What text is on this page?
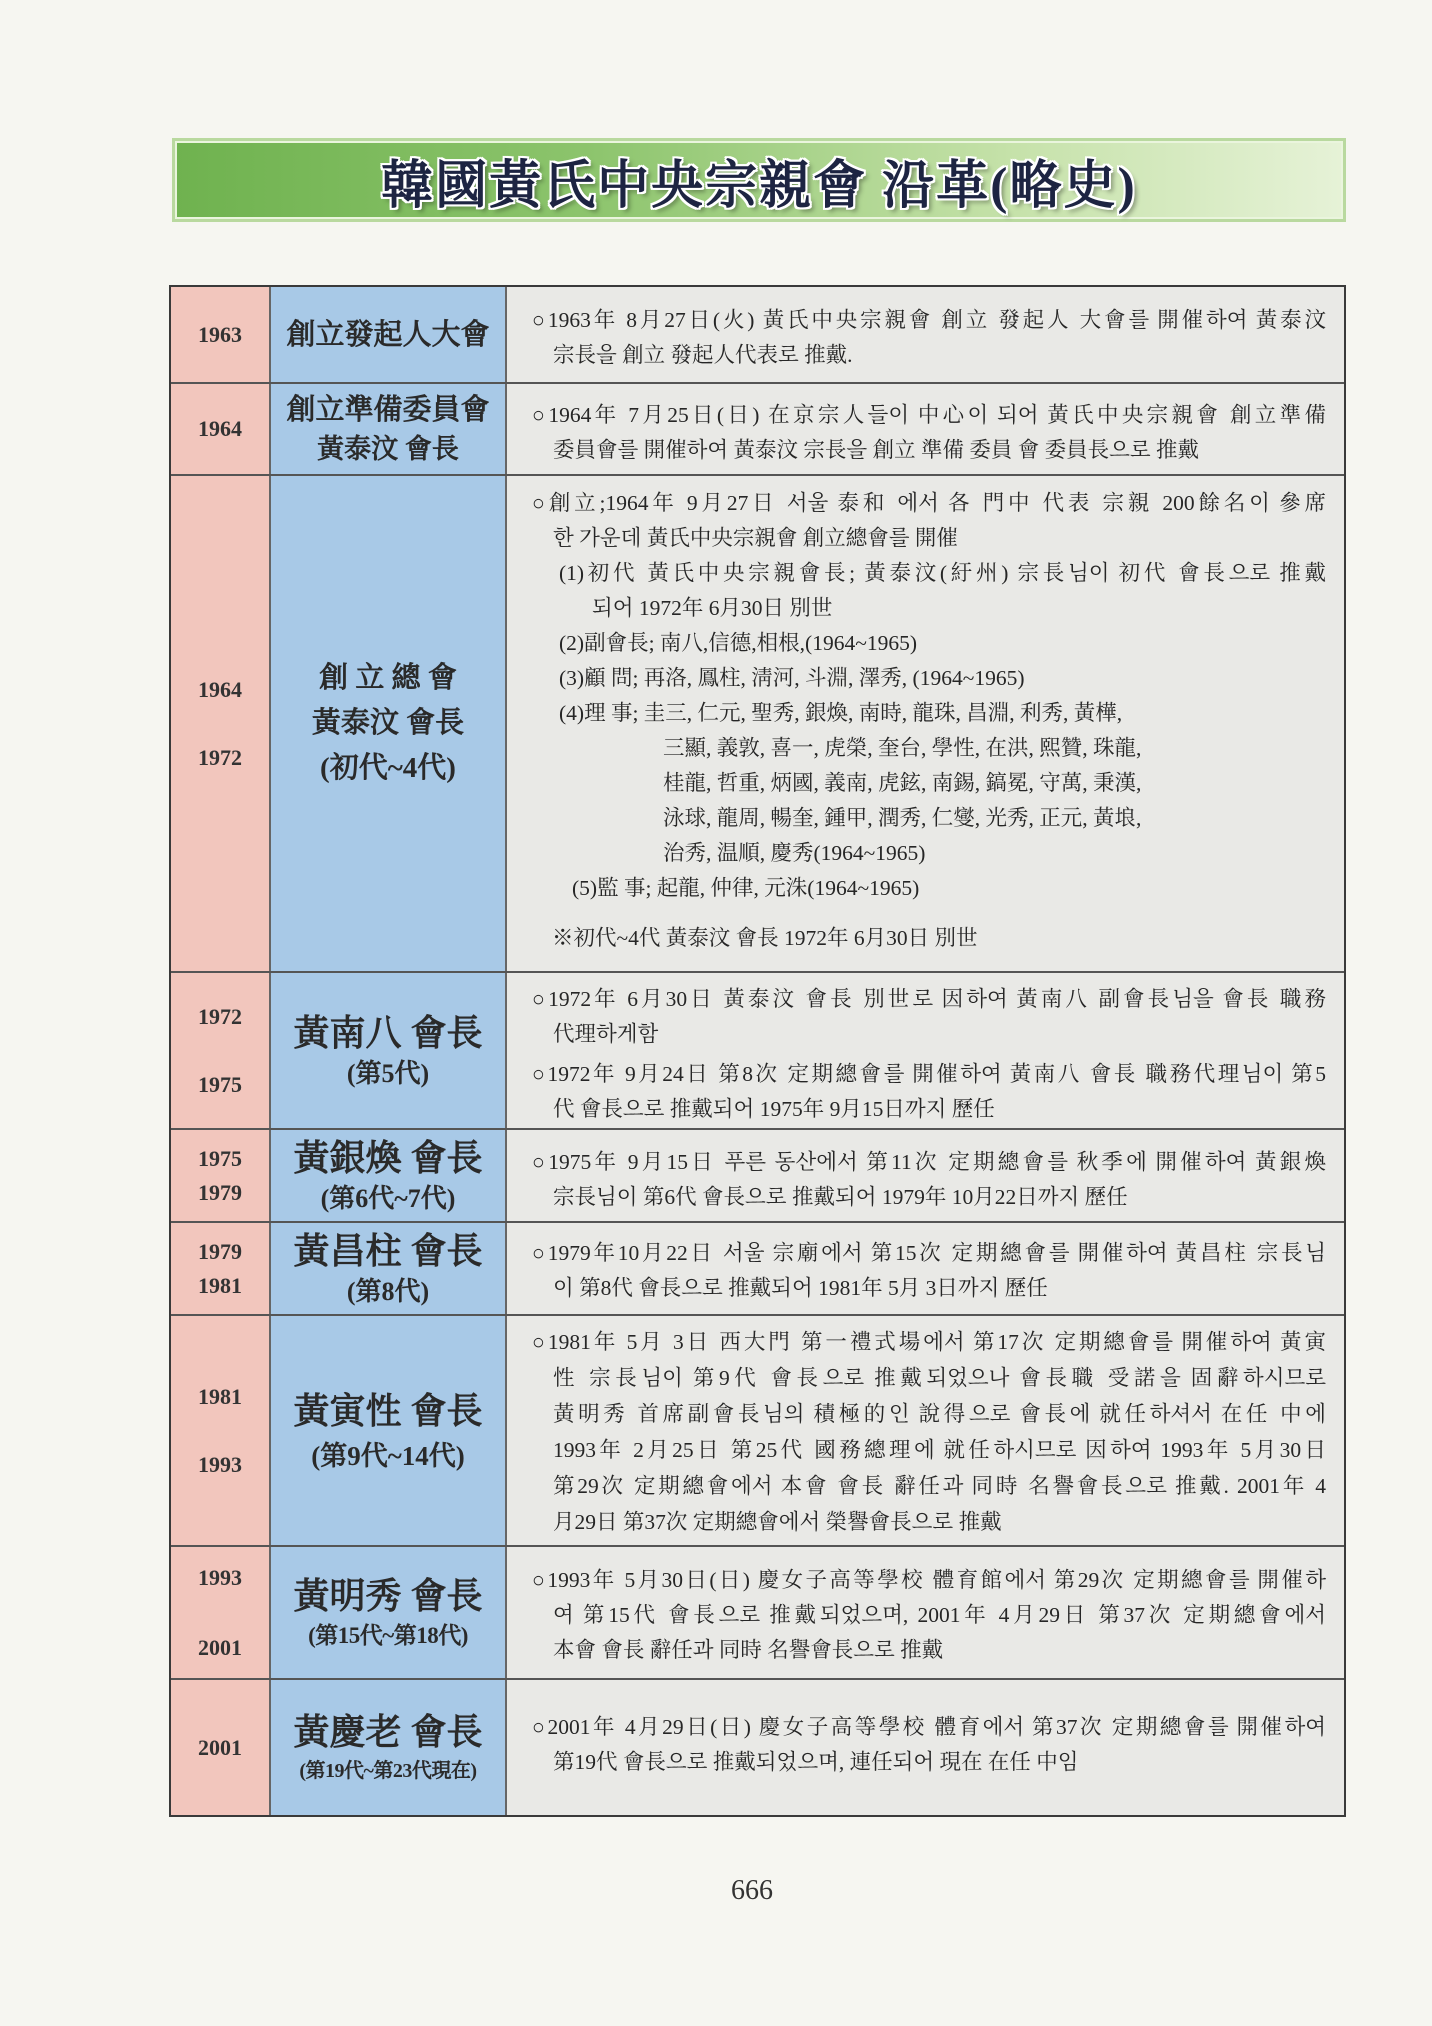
韓國黃氏中央宗親會 沿革(略史)
1963 創立發起人大會	○1963年 8月27日(火) 黃氏中央宗親會 創立 發起人 大會를 開催하여 黃泰汶
宗長을 創立 發起人代表로 推戴.
1964
創立準備委員會
黃泰汶 會長
○1964年 7月25日(日) 在京宗人들이 中心이 되어 黃氏中央宗親會 創立準備
委員會를 開催하여 黃泰汶 宗長을 創立 準備 委員 會 委員長으로 推戴
1964
1972
創 立 總 會
黃泰汶 會長
(初代~4代)
○創立;1964年 9月27日 서울 泰和 에서 各 門中 代表 宗親 200餘名이 參席
한 가운데 黃氏中央宗親會 創立總會를 開催
(1)初代 黃氏中央宗親會長; 黃泰汶(紆州) 宗長님이 初代 會長으로 推戴
되어 1972年 6月30日 別世
(2)副會長; 南八,信德,相根,(1964~1965)
(3)顧 問; 再洛, 鳳柱, 淸河, 斗淵, 澤秀, (1964~1965)
(4)理 事; 圭三, 仁元, 聖秀, 銀煥, 南時, 龍珠, 昌淵, 利秀, 黃樺,
三顯, 義敦, 喜一, 虎榮, 奎台, 學性, 在洪, 熙贊, 珠龍,
桂龍, 哲重, 炳國, 義南, 虎鉉, 南錫, 鎬冕, 守萬, 秉漢,
泳球, 龍周, 暢奎, 鍾甲, 潤秀, 仁燮, 光秀, 正元, 黃埌,
治秀, 温順, 慶秀(1964~1965)
(5)監 事; 起龍, 仲律, 元洙(1964~1965)
※初代~4代 黃泰汶 會長 1972年 6月30日 別世
1972
1975
黃南八 會長
(第5代)
○1972年 6月30日 黃泰汶 會長 別世로 因하여 黃南八 副會長님을 會長 職務
代理하게함
○1972年 9月24日 第8次 定期總會를 開催하여 黃南八 會長 職務代理님이 第5
代 會長으로 推戴되어 1975年 9月15日까지 歷任
1975
1979
黃銀煥 會長
(第6代~7代)
○1975年 9月15日 푸른 동산에서 第11次 定期總會를 秋季에 開催하여 黃銀煥
宗長님이 第6代 會長으로 推戴되어 1979年 10月22日까지 歷任
1979
1981
黃昌柱 會長
(第8代)
○1979年10月22日 서울 宗廟에서 第15次 定期總會를 開催하여 黃昌柱 宗長님
이 第8代 會長으로 推戴되어 1981年 5月 3日까지 歷任
1981
1993
黃寅性 會長
(第9代~14代)
○1981年 5月 3日 西大門 第一禮式場에서 第17次 定期總會를 開催하여 黃寅
性 宗長님이 第9代 會長으로 推戴되었으나 會長職 受諾을 固辭하시므로
黃明秀 首席副會長님의 積極的인 說得으로 會長에 就任하셔서 在任 中에
1993年 2月25日 第25代 國務總理에 就任하시므로 因하여 1993年 5月30日
第29次 定期總會에서 本會 會長 辭任과 同時 名譽會長으로 推戴. 2001年 4
月29日 第37次 定期總會에서 榮譽會長으로 推戴
1993
2001
黃明秀 會長
(第15代~第18代)
○1993年 5月30日(日) 慶女子高等學校 體育館에서 第29次 定期總會를 開催하
여 第15代 會長으로 推戴되었으며, 2001年 4月29日 第37次 定期總會에서
本會 會長 辭任과 同時 名譽會長으로 推戴
2001 黃慶老 會長
(第19代~第23代現在)
○2001年 4月29日(日) 慶女子高等學校 體育에서 第37次 定期總會를 開催하여
第19代 會長으로 推戴되었으며, 連任되어 現在 在任 中임
666
